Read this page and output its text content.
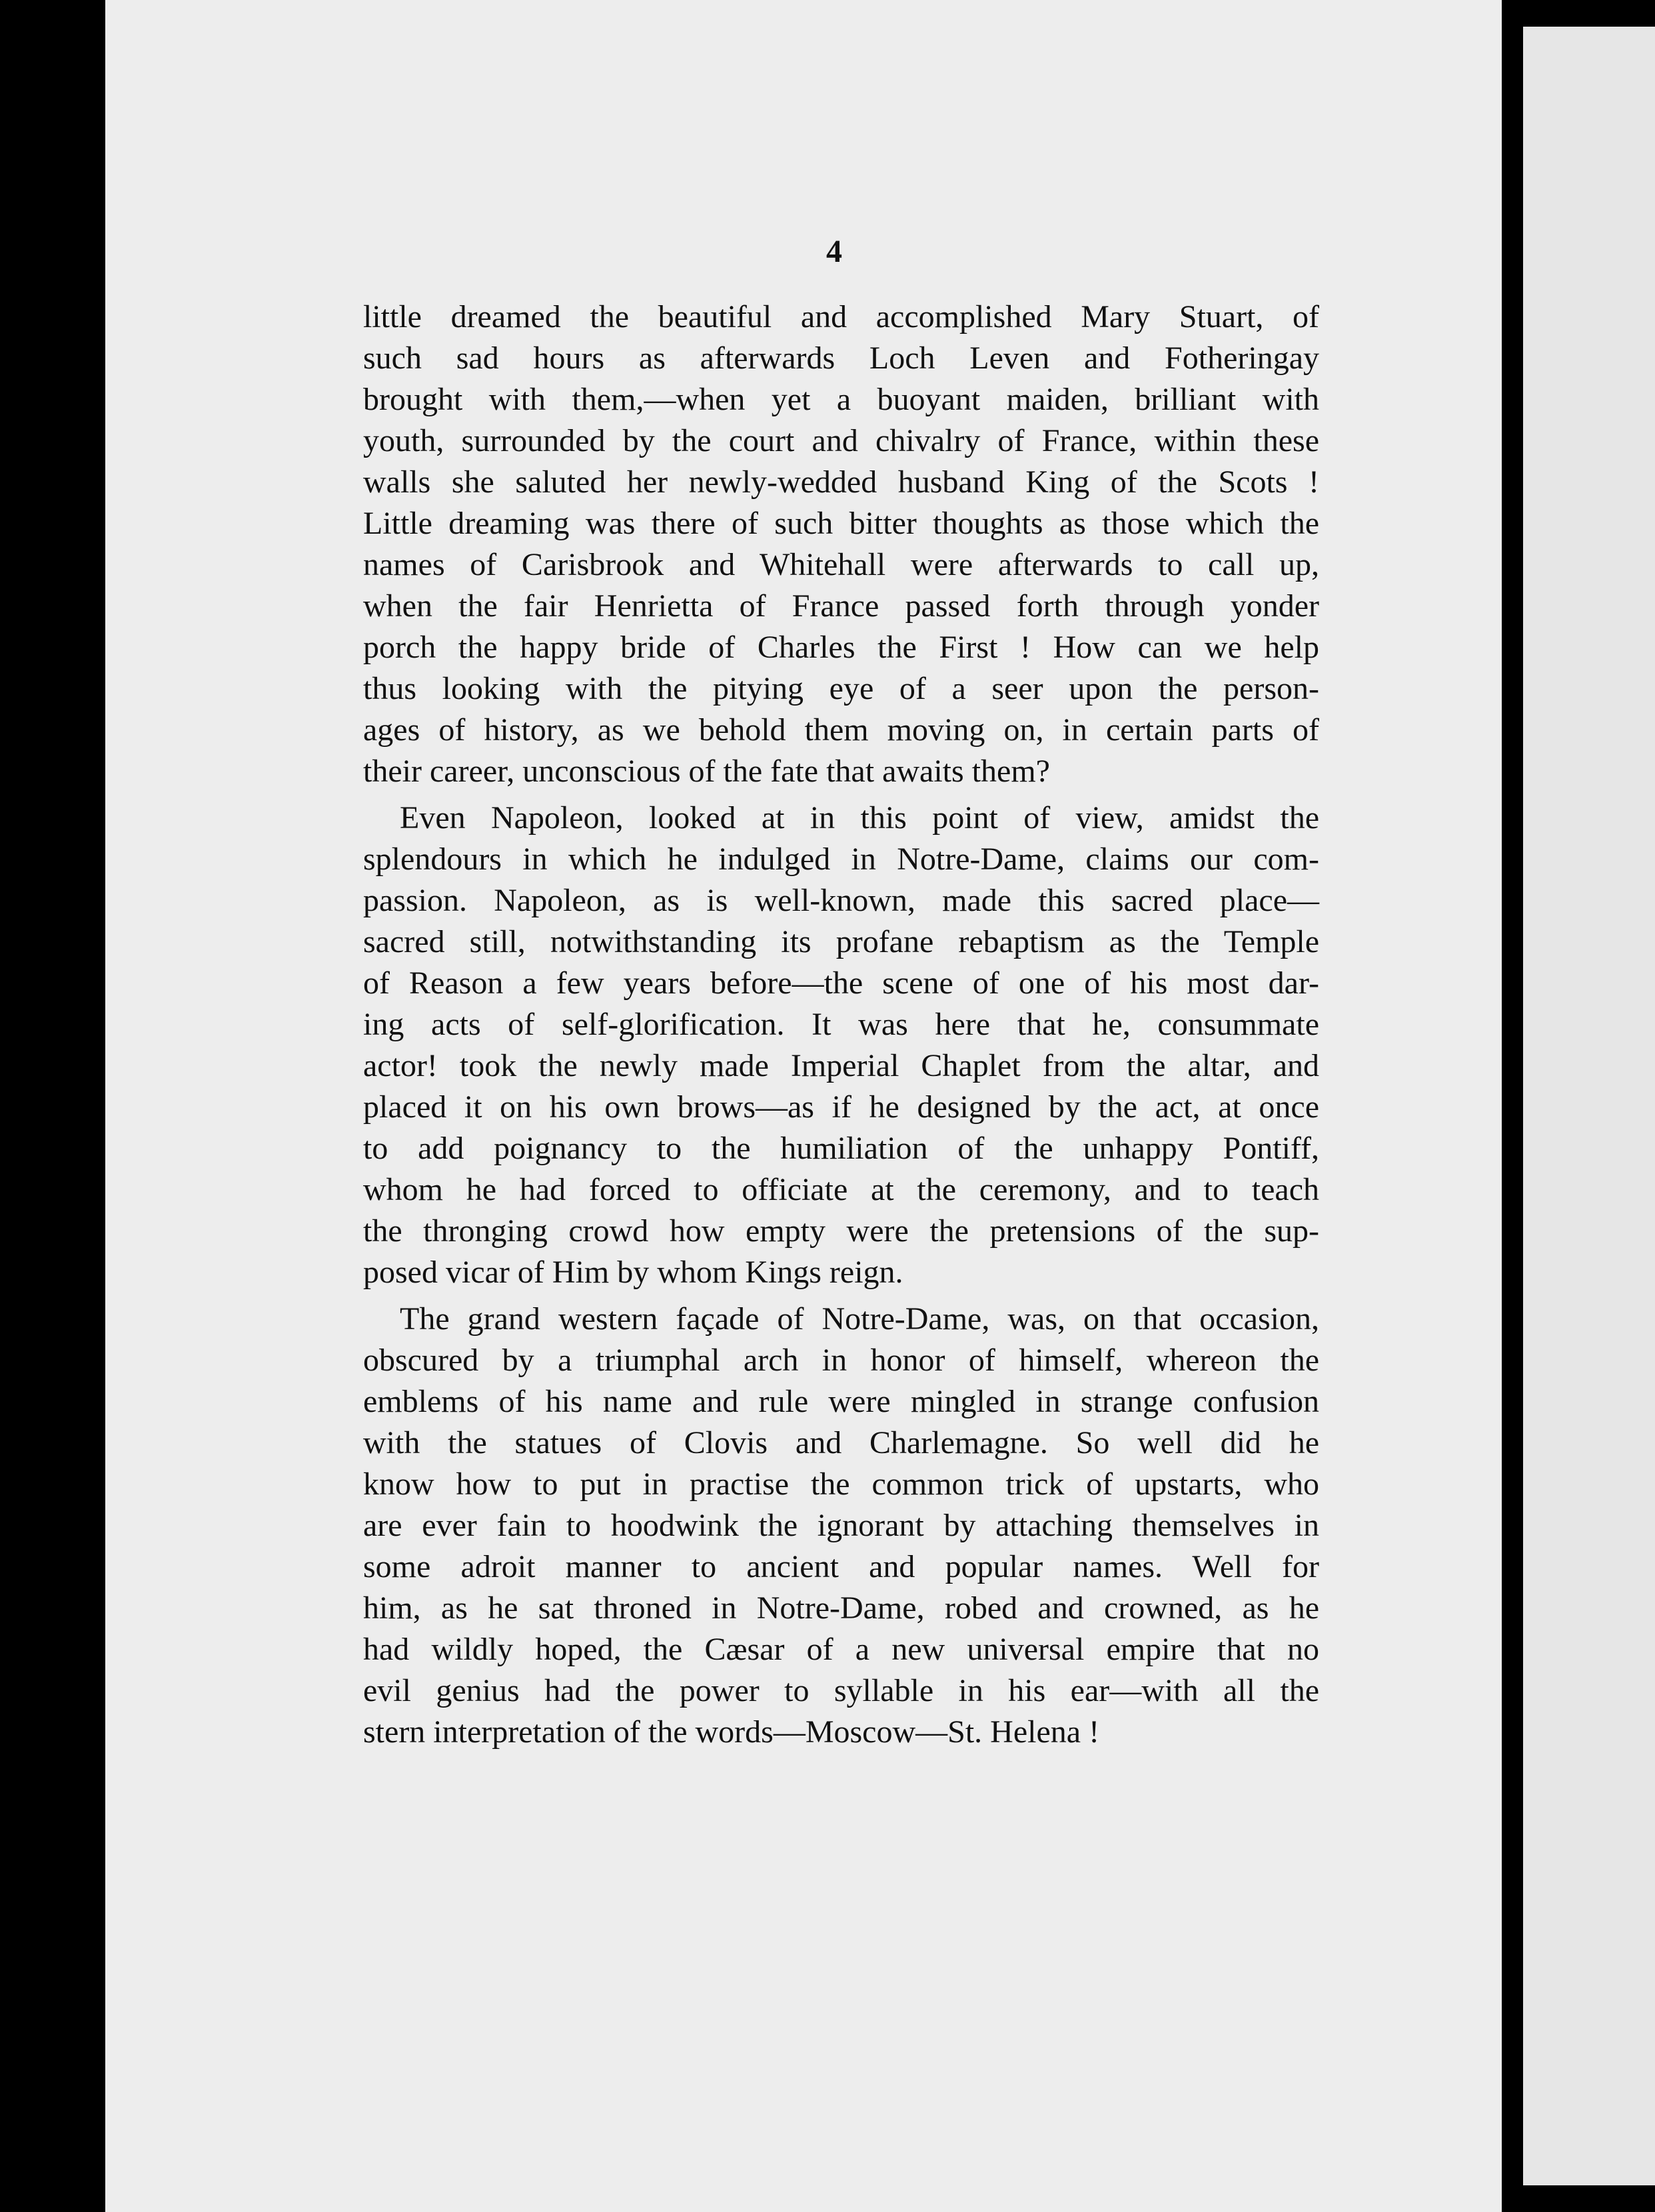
4
little dreamed the beautiful and accomplished Mary Stuart, of
such sad hours as afterwards Loch Leven and Fotheringay
brought with them,—when yet a buoyant maiden, brilliant with
youth, surrounded by the court and chivalry of France, within these
walls she saluted her newly-wedded husband King of the Scots !
Little dreaming was there of such bitter thoughts as those which the
names of Carisbrook and Whitehall were afterwards to call up,
when the fair Henrietta of France passed forth through yonder
porch the happy bride of Charles the First ! How can we help
thus looking with the pitying eye of a seer upon the person-
ages of history, as we behold them moving on, in certain parts of
their career, unconscious of the fate that awaits them?
Even Napoleon, looked at in this point of view, amidst the
splendours in which he indulged in Notre-Dame, claims our com-
passion. Napoleon, as is well-known, made this sacred place—
sacred still, notwithstanding its profane rebaptism as the Temple
of Reason a few years before—the scene of one of his most dar-
ing acts of self-glorification. It was here that he, consummate
actor! took the newly made Imperial Chaplet from the altar, and
placed it on his own brows—as if he designed by the act, at once
to add poignancy to the humiliation of the unhappy Pontiff,
whom he had forced to officiate at the ceremony, and to teach
the thronging crowd how empty were the pretensions of the sup-
posed vicar of Him by whom Kings reign.
The grand western façade of Notre-Dame, was, on that occasion,
obscured by a triumphal arch in honor of himself, whereon the
emblems of his name and rule were mingled in strange confusion
with the statues of Clovis and Charlemagne. So well did he
know how to put in practise the common trick of upstarts, who
are ever fain to hoodwink the ignorant by attaching themselves in
some adroit manner to ancient and popular names. Well for
him, as he sat throned in Notre-Dame, robed and crowned, as he
had wildly hoped, the Cæsar of a new universal empire that no
evil genius had the power to syllable in his ear—with all the
stern interpretation of the words—Moscow—St. Helena !
